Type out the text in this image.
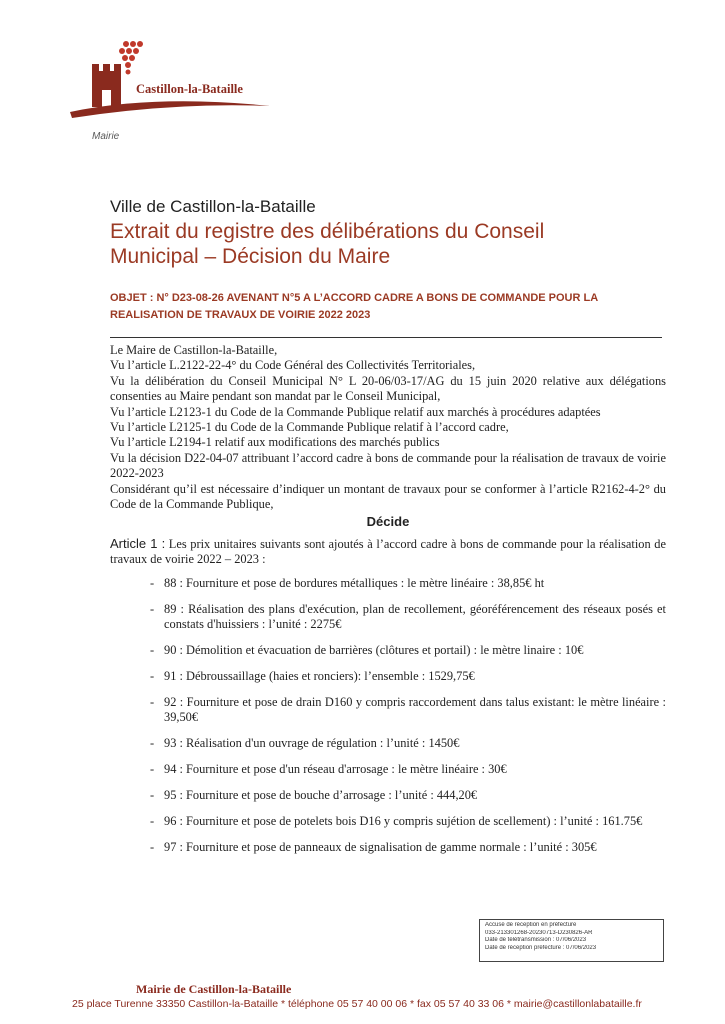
Castillon-la-Bataille
Mairie
Ville de Castillon-la-Bataille
Extrait du registre des délibérations du Conseil
Municipal – Décision du Maire
OBJET : N° D23-08-26 AVENANT N°5 A L’ACCORD CADRE A BONS DE COMMANDE POUR LA
REALISATION DE TRAVAUX DE VOIRIE 2022 2023

Le Maire de Castillon-la-Bataille,

Vu l’article L.2122-22-4° du Code Général des Collectivités Territoriales,

Vu la délibération du Conseil Municipal N° L 20-06/03-17/AG du 15 juin 2020 relative aux délégations consenties au Maire pendant son mandat par le Conseil Municipal,

Vu l’article L2123-1 du Code de la Commande Publique relatif aux marchés à procédures adaptées

Vu l’article L2125-1 du Code de la Commande Publique relatif à l’accord cadre,

Vu l’article L2194-1 relatif aux modifications des marchés publics

Vu la décision D22-04-07 attribuant l’accord cadre à bons de commande pour la réalisation de travaux de voirie 2022-2023

Considérant qu’il est nécessaire d’indiquer un montant de travaux pour se conformer à l’article R2162-4-2° du Code de la Commande Publique,

Décide

Article 1 : Les prix unitaires suivants sont ajoutés à l’accord cadre à bons de commande pour la réalisation de travaux de voirie 2022 – 2023 :

- 88 : Fourniture et pose de bordures métalliques : le mètre linéaire : 38,85€ ht
- 89 : Réalisation des plans d'exécution, plan de recollement, géoréférencement des réseaux posés et constats d'huissiers : l’unité : 2275€
- 90 : Démolition et évacuation de barrières (clôtures et portail) : le mètre linaire : 10€
- 91 : Débroussaillage (haies et ronciers): l’ensemble : 1529,75€
- 92 : Fourniture et pose de drain D160 y compris raccordement dans talus existant: le mètre linéaire : 39,50€
- 93 : Réalisation d'un ouvrage de régulation : l’unité : 1450€
- 94 : Fourniture et pose d'un réseau d'arrosage : le mètre linéaire : 30€
- 95 : Fourniture et pose de bouche d’arrosage : l’unité : 444,20€
- 96 : Fourniture et pose de potelets bois D16 y compris sujétion de scellement) : l’unité : 161.75€
- 97 : Fourniture et pose de panneaux de signalisation de gamme normale : l’unité : 305€
Accusé de réception en préfecture
033-213301268-20230713-D230826-AR
Date de télétransmission : 07/06/2023
Date de réception préfecture : 07/06/2023
Mairie de Castillon-la-Bataille
25 place Turenne 33350 Castillon-la-Bataille * téléphone 05 57 40 00 06 * fax 05 57 40 33 06 * mairie@castillonlabataille.fr
